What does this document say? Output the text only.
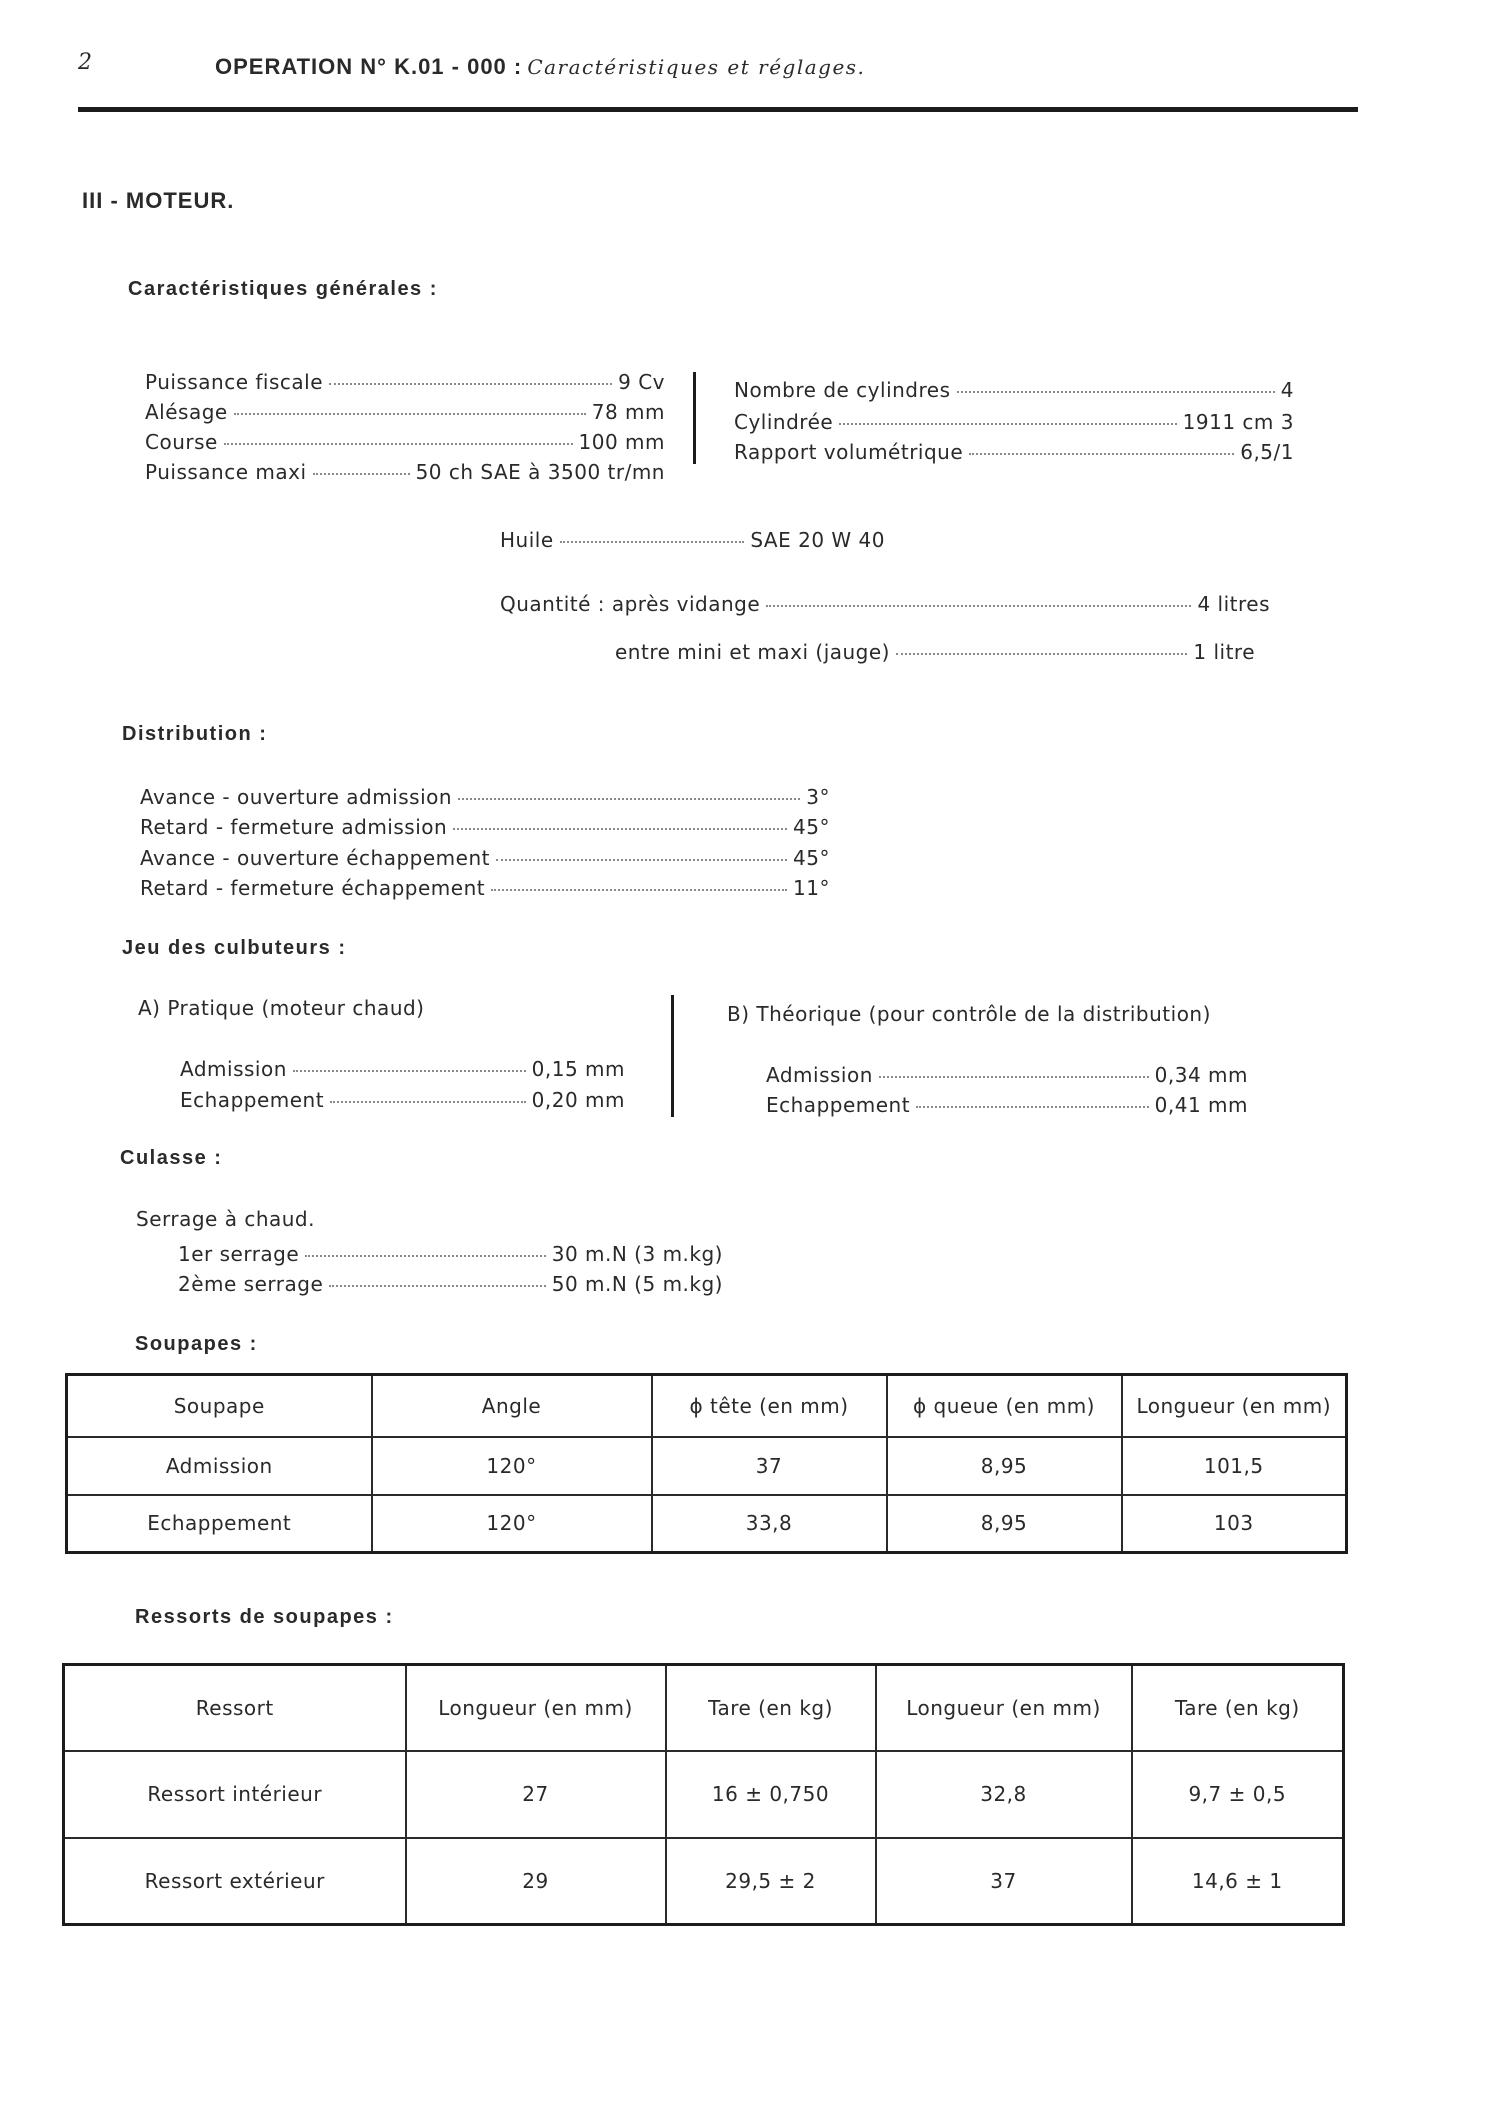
2	OPERATION N° K.01 - 000 : Caractéristiques et réglages.
III - MOTEUR.
Caractéristiques générales :
Puissance fiscale	9 Cv
Alésage	78 mm
Course	100 mm
Puissance maxi	50 ch SAE à 3500 tr/mn
Nombre de cylindres	4
Cylindrée	1911 cm 3
Rapport volumétrique	6,5/1
Huile	SAE 20 W 40
Quantité : après vidange	4 litres
entre mini et maxi (jauge)	1 litre
Distribution :
Avance - ouverture admission	3°
Retard - fermeture admission	45°
Avance - ouverture échappement	45°
Retard - fermeture échappement	11°
Jeu des culbuteurs :
A) Pratique (moteur chaud)
Admission	0,15 mm
Echappement	0,20 mm
B) Théorique (pour contrôle de la distribution)
Admission	0,34 mm
Echappement	0,41 mm
Culasse :
Serrage à chaud.
1er serrage	30 m.N (3 m.kg)
2ème serrage	50 m.N (5 m.kg)
Soupapes :
Soupape	Angle	ɸ tête (en mm)	ɸ queue (en mm)	Longueur (en mm)
Admission	120°	37	8,95	101,5
Echappement	120°	33,8	8,95	103
Ressorts de soupapes :
Ressort	Longueur (en mm)	Tare (en kg)	Longueur (en mm)	Tare (en kg)
Ressort intérieur	27	16 ± 0,750	32,8	9,7 ± 0,5
Ressort extérieur	29	29,5 ± 2	37	14,6 ± 1
